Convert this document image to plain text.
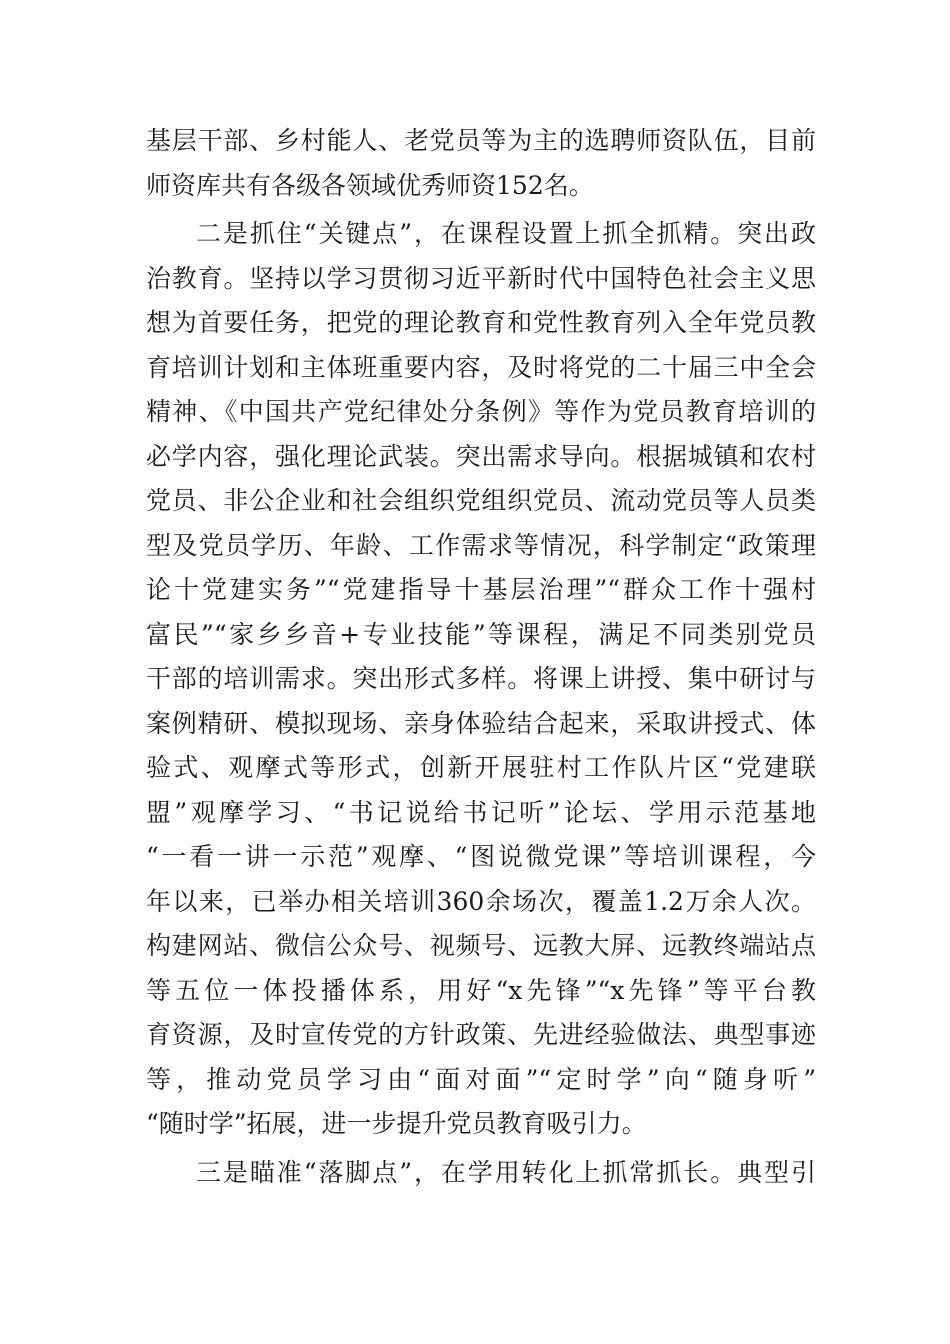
基层干部、乡村能人、老党员等为主的选聘师资队伍，目前
师资库共有各级各领域优秀师资152名。
二是抓住“关键点”，在课程设置上抓全抓精。突出政
治教育。坚持以学习贯彻习近平新时代中国特色社会主义思
想为首要任务，把党的理论教育和党性教育列入全年党员教
育培训计划和主体班重要内容，及时将党的二十届三中全会
精神、《中国共产党纪律处分条例》等作为党员教育培训的
必学内容，强化理论武装。突出需求导向。根据城镇和农村
党员、非公企业和社会组织党组织党员、流动党员等人员类
型及党员学历、年龄、工作需求等情况，科学制定“政策理
论十党建实务”“党建指导十基层治理”“群众工作十强村
富民”“家乡乡音+专业技能”等课程，满足不同类别党员
干部的培训需求。突出形式多样。将课上讲授、集中研讨与
案例精研、模拟现场、亲身体验结合起来，采取讲授式、体
验式、观摩式等形式，创新开展驻村工作队片区“党建联
盟”观摩学习、“书记说给书记听”论坛、学用示范基地
“一看一讲一示范”观摩、“图说微党课”等培训课程，今
年以来，已举办相关培训360余场次，覆盖1.2万余人次。
构建网站、微信公众号、视频号、远教大屏、远教终端站点
等五位一体投播体系，用好“x先锋”“x先锋”等平台教
育资源，及时宣传党的方针政策、先进经验做法、典型事迹
等，推动党员学习由“面对面”“定时学”向“随身听”
“随时学”拓展，进一步提升党员教育吸引力。
三是瞄准“落脚点”，在学用转化上抓常抓长。典型引
